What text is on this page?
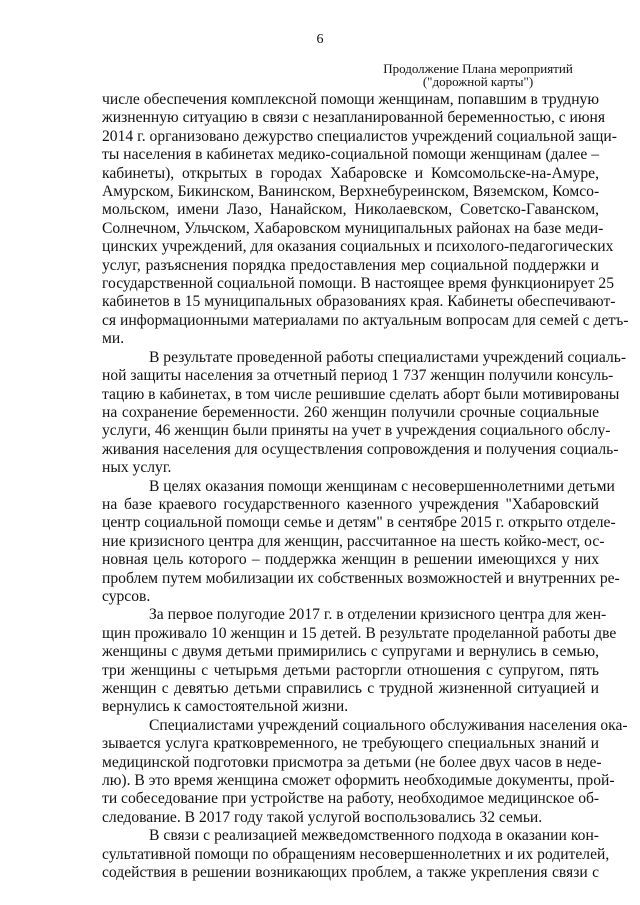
6
Продолжение Плана мероприятий
("дорожной карты")

числе обеспечения комплексной помощи женщинам, попавшим в трудную
жизненную ситуацию в связи с незапланированной беременностью, с июня
2014 г. организовано дежурство специалистов учреждений социальной защи-
ты населения в кабинетах медико-социальной помощи женщинам (далее –
кабинеты), открытых в городах Хабаровске и Комсомольске-на-Амуре,
Амурском, Бикинском, Ванинском, Верхнебуреинском, Вяземском, Комсо-
мольском, имени Лазо, Нанайском, Николаевском, Советско-Гаванском,
Солнечном, Ульчском, Хабаровском муниципальных районах на базе меди-
цинских учреждений, для оказания социальных и психолого-педагогических
услуг, разъяснения порядка предоставления мер социальной поддержки и
государственной социальной помощи. В настоящее время функционирует 25
кабинетов в 15 муниципальных образованиях края. Кабинеты обеспечивают-
ся информационными материалами по актуальным вопросам для семей с детъ-
ми.

В результате проведенной работы специалистами учреждений социаль-
ной защиты населения за отчетный период 1 737 женщин получили консуль-
тацию в кабинетах, в том числе решившие сделать аборт были мотивированы
на сохранение беременности. 260 женщин получили срочные социальные
услуги, 46 женщин были приняты на учет в учреждения социального обслу-
живания населения для осуществления сопровождения и получения социаль-
ных услуг.

В целях оказания помощи женщинам с несовершеннолетними детьми
на базе краевого государственного казенного учреждения "Хабаровский
центр социальной помощи семье и детям" в сентябре 2015 г. открыто отделе-
ние кризисного центра для женщин, рассчитанное на шесть койко-мест, ос-
новная цель которого – поддержка женщин в решении имеющихся у них
проблем путем мобилизации их собственных возможностей и внутренних ре-
сурсов.

За первое полугодие 2017 г. в отделении кризисного центра для жен-
щин проживало 10 женщин и 15 детей. В результате проделанной работы две
женщины с двумя детьми примирились с супругами и вернулись в семью,
три женщины с четырьмя детьми расторгли отношения с супругом, пять
женщин с девятью детьми справились с трудной жизненной ситуацией и
вернулись к самостоятельной жизни.

Специалистами учреждений социального обслуживания населения ока-
зывается услуга кратковременного, не требующего специальных знаний и
медицинской подготовки присмотра за детьми (не более двух часов в неде-
лю). В это время женщина сможет оформить необходимые документы, прой-
ти собеседование при устройстве на работу, необходимое медицинское об-
следование. В 2017 году такой услугой воспользовались 32 семьи.

В связи с реализацией межведомственного подхода в оказании кон-
сультативной помощи по обращениям несовершеннолетних и их родителей,
содействия в решении возникающих проблем, а также укрепления связи с
